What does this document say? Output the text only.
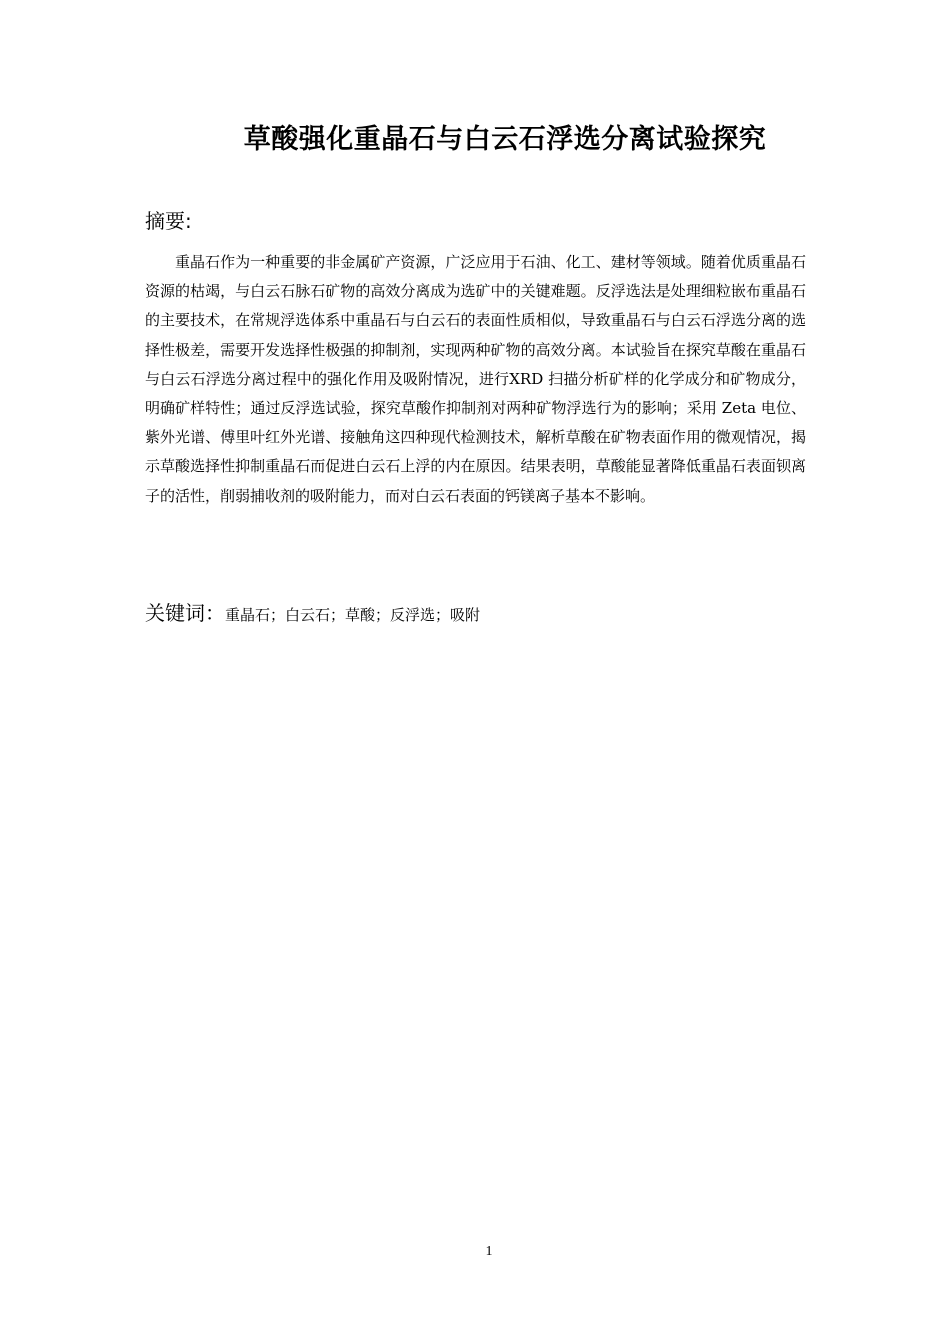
草酸强化重晶石与白云石浮选分离试验探究
摘要:

重晶石作为一种重要的非金属矿产资源，广泛应用于石油、化工、建材等领域。随着优质重晶石资源的枯竭，与白云石脉石矿物的高效分离成为选矿中的关键难题。反浮选法是处理细粒嵌布重晶石的主要技术，在常规浮选体系中重晶石与白云石的表面性质相似，导致重晶石与白云石浮选分离的选择性极差，需要开发选择性极强的抑制剂，实现两种矿物的高效分离。本试验旨在探究草酸在重晶石与白云石浮选分离过程中的强化作用及吸附情况，进行XRD 扫描分析矿样的化学成分和矿物成分，明确矿样特性；通过反浮选试验，探究草酸作抑制剂对两种矿物浮选行为的影响；采用 Zeta 电位、紫外光谱、傅里叶红外光谱、接触角这四种现代检测技术，解析草酸在矿物表面作用的微观情况，揭示草酸选择性抑制重晶石而促进白云石上浮的内在原因。结果表明，草酸能显著降低重晶石表面钡离子的活性，削弱捕收剂的吸附能力，而对白云石表面的钙镁离子基本不影响。

关键词：重晶石；白云石；草酸；反浮选；吸附
1
